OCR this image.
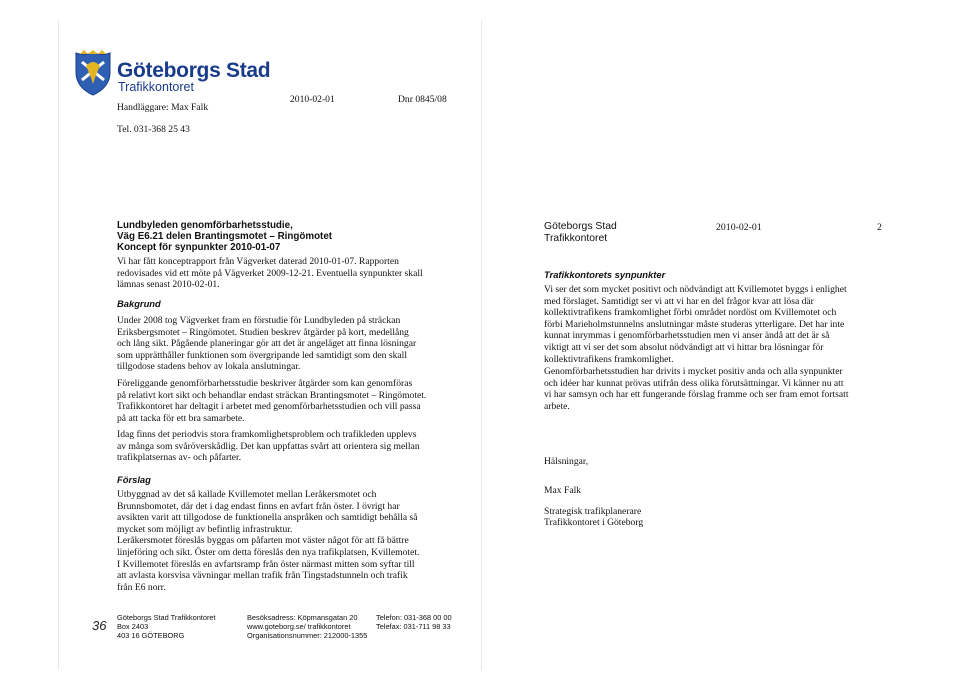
Göteborgs Stad
Trafikkontoret
Handläggare: Max Falk
2010-02-01	Dnr 0845/08
Tel. 031-368 25 43
Lundbyleden genomförbarhetsstudie,
Väg E6.21 delen Brantingsmotet – Ringömotet
Koncept för synpunkter 2010-01-07
Vi har fått konceptrapport från Vägverket daterad 2010-01-07. Rapporten
redovisades vid ett möte på Vägverket 2009-12-21. Eventuella synpunkter skall
lämnas senast 2010-02-01.
Bakgrund
Under 2008 tog Vägverket fram en förstudie för Lundbyleden på sträckan
Eriksbergsmotet – Ringömotet. Studien beskrev åtgärder på kort, medellång
och lång sikt. Pågående planeringar gör att det är angeläget att finna lösningar
som upprätthåller funktionen som övergripande led samtidigt som den skall
tillgodose stadens behov av lokala anslutningar.
Föreliggande genomförbarhetsstudie beskriver åtgärder som kan genomföras
på relativt kort sikt och behandlar endast sträckan Brantingsmotet – Ringömotet.
Trafikkontoret har deltagit i arbetet med genomförbarhetsstudien och vill passa
på att tacka för ett bra samarbete.
Idag finns det periodvis stora framkomlighetsproblem och trafikleden upplevs
av många som svåröverskådlig. Det kan uppfattas svårt att orientera sig mellan
trafikplatsernas av- och påfarter.
Förslag
Utbyggnad av det så kallade Kvillemotet mellan Leråkersmotet och
Brunnsbomotet, där det i dag endast finns en avfart från öster. I övrigt har
avsikten varit att tillgodose de funktionella anspråken och samtidigt behålla så
mycket som möjligt av befintlig infrastruktur.
Leråkersmotet föreslås byggas om påfarten mot väster något för att få bättre
linjeföring och sikt. Öster om detta föreslås den nya trafikplatsen, Kvillemotet.
I Kvillemotet föreslås en avfartsramp från öster närmast mitten som syftar till
att avlasta korsvisa vävningar mellan trafik från Tingstadstunneln och trafik
från E6 norr.
Göteborgs Stad
Trafikkontoret
2010-02-01	2
Trafikkontorets synpunkter
Vi ser det som mycket positivt och nödvändigt att Kvillemotet byggs i enlighet
med förslaget. Samtidigt ser vi att vi har en del frågor kvar att lösa där
kollektivtrafikens framkomlighet förbi området nordöst om Kvillemotet och
förbi Marieholmstunnelns anslutningar måste studeras ytterligare. Det har inte
kunnat inrymmas i genomförbarhetsstudien men vi anser ändå att det är så
viktigt att vi ser det som absolut nödvändigt att vi hittar bra lösningar för
kollektivtrafikens framkomlighet.
Genomförbarhetsstudien har drivits i mycket positiv anda och alla synpunkter
och idéer har kunnat prövas utifrån dess olika förutsättningar. Vi känner nu att
vi har samsyn och har ett fungerande förslag framme och ser fram emot fortsatt
arbete.
Hälsningar,
Max Falk
Strategisk trafikplanerare
Trafikkontoret i Göteborg
36
Göteborgs Stad Trafikkontoret
Box 2403
403 16 GÖTEBORG
Besöksadress: Köpmansgatan 20
www.goteborg.se/ trafikkontoret
Organisationsnummer: 212000-1355
Telefon: 031-368 00 00
Telefax: 031-711 98 33
